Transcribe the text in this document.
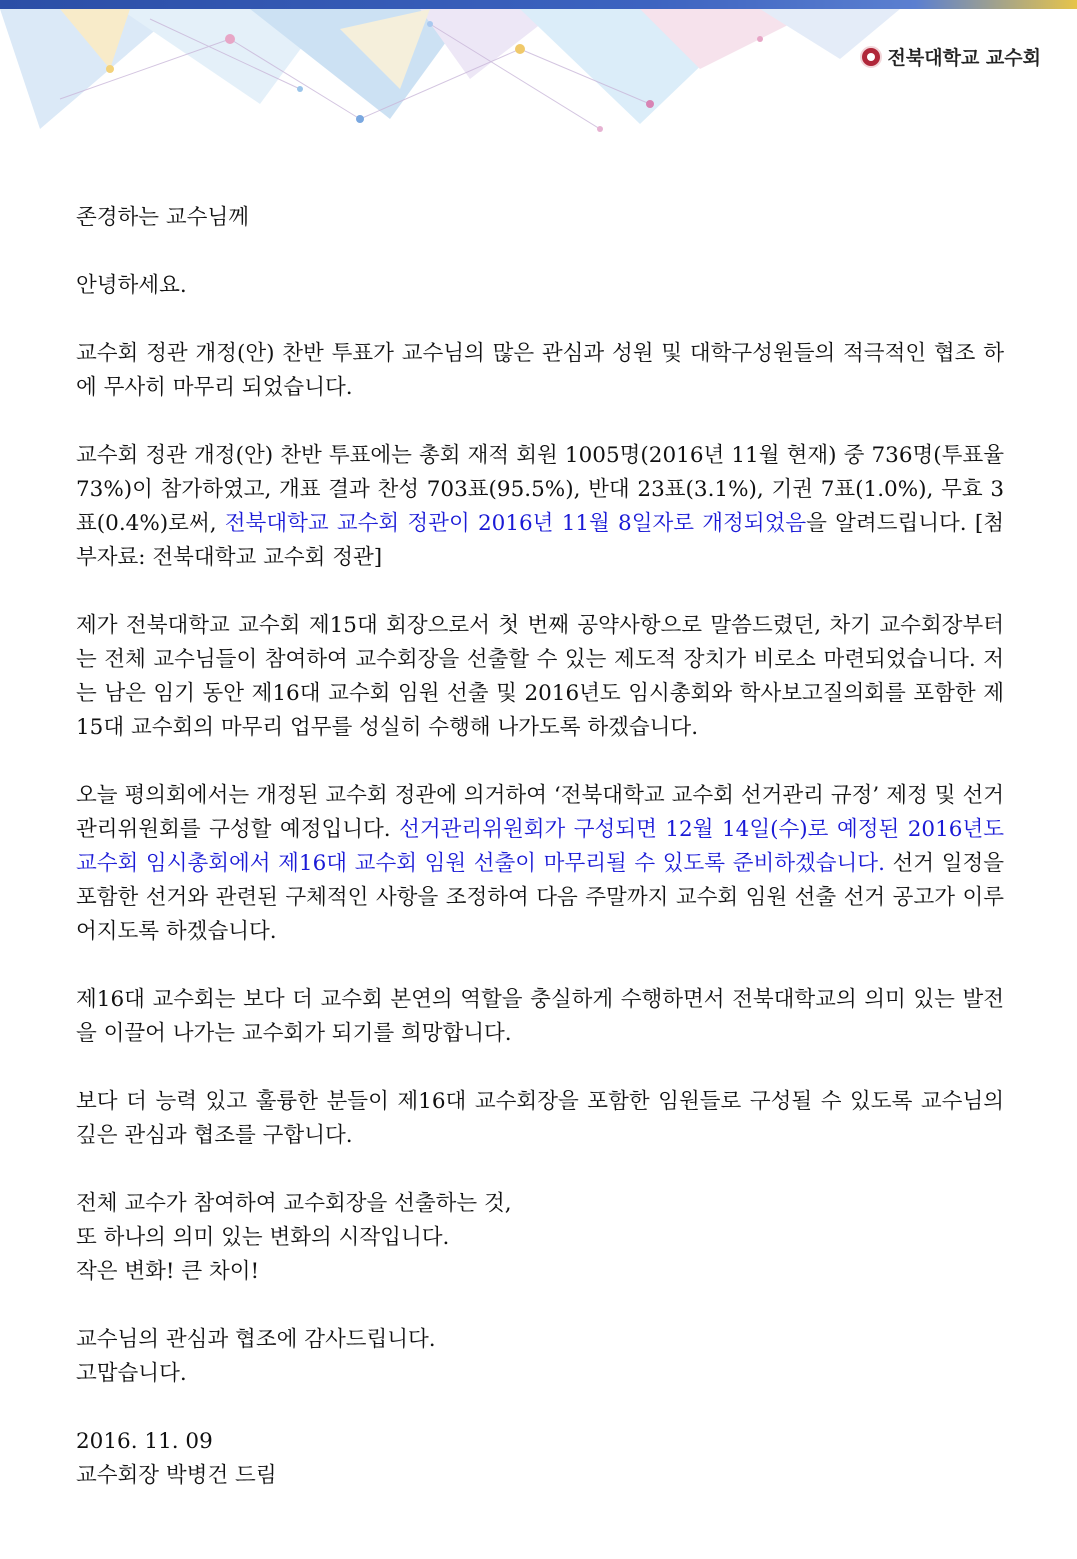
전북대학교 교수회

존경하는 교수님께

안녕하세요.

교수회 정관 개정(안) 찬반 투표가 교수님의 많은 관심과 성원 및 대학구성원들의 적극적인 협조 하에 무사히 마무리 되었습니다.

교수회 정관 개정(안) 찬반 투표에는 총회 재적 회원 1005명(2016년 11월 현재) 중 736명(투표율 73%)이 참가하였고, 개표 결과 찬성 703표(95.5%), 반대 23표(3.1%), 기권 7표(1.0%), 무효 3표(0.4%)로써, 전북대학교 교수회 정관이 2016년 11월 8일자로 개정되었음을 알려드립니다. [첨부자료: 전북대학교 교수회 정관]

제가 전북대학교 교수회 제15대 회장으로서 첫 번째 공약사항으로 말씀드렸던, 차기 교수회장부터는 전체 교수님들이 참여하여 교수회장을 선출할 수 있는 제도적 장치가 비로소 마련되었습니다. 저는 남은 임기 동안 제16대 교수회 임원 선출 및 2016년도 임시총회와 학사보고질의회를 포함한 제15대 교수회의 마무리 업무를 성실히 수행해 나가도록 하겠습니다.

오늘 평의회에서는 개정된 교수회 정관에 의거하여 ‘전북대학교 교수회 선거관리 규정’ 제정 및 선거관리위원회를 구성할 예정입니다. 선거관리위원회가 구성되면 12월 14일(수)로 예정된 2016년도 교수회 임시총회에서 제16대 교수회 임원 선출이 마무리될 수 있도록 준비하겠습니다. 선거 일정을 포함한 선거와 관련된 구체적인 사항을 조정하여 다음 주말까지 교수회 임원 선출 선거 공고가 이루어지도록 하겠습니다.

제16대 교수회는 보다 더 교수회 본연의 역할을 충실하게 수행하면서 전북대학교의 의미 있는 발전을 이끌어 나가는 교수회가 되기를 희망합니다.

보다 더 능력 있고 훌륭한 분들이 제16대 교수회장을 포함한 임원들로 구성될 수 있도록 교수님의 깊은 관심과 협조를 구합니다.

전체 교수가 참여하여 교수회장을 선출하는 것,
또 하나의 의미 있는 변화의 시작입니다.
작은 변화! 큰 차이!

교수님의 관심과 협조에 감사드립니다.
고맙습니다.

2016. 11. 09
교수회장 박병건 드림
